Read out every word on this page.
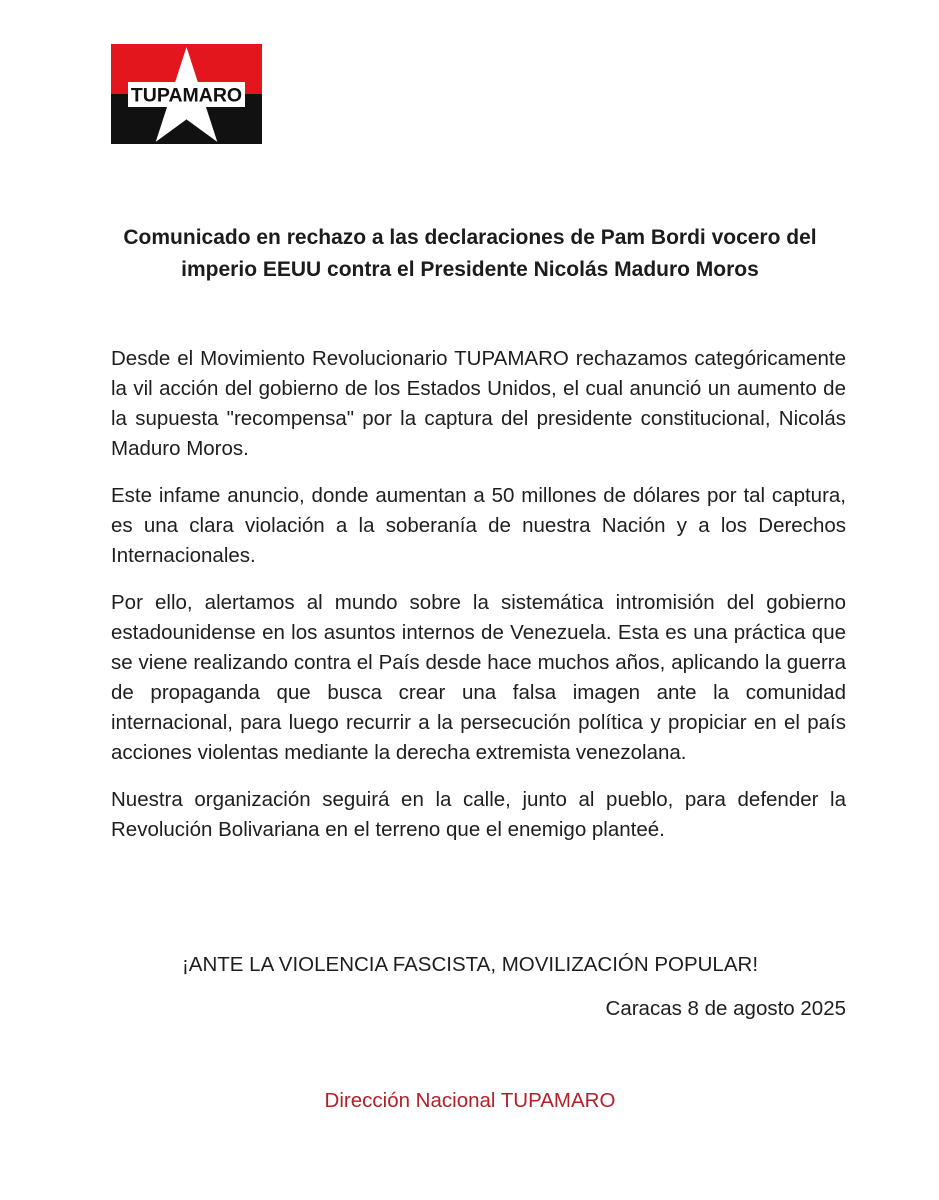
TUPAMARO
Comunicado en rechazo a las declaraciones de Pam Bordi vocero del
imperio EEUU contra el Presidente Nicolás Maduro Moros

Desde el Movimiento Revolucionario TUPAMARO rechazamos categóricamente la vil acción del gobierno de los Estados Unidos, el cual anunció un aumento de la supuesta "recompensa" por la captura del presidente constitucional, Nicolás Maduro Moros.

Este infame anuncio, donde aumentan a 50 millones de dólares por tal captura, es una clara violación a la soberanía de nuestra Nación y a los Derechos Internacionales.

Por ello, alertamos al mundo sobre la sistemática intromisión del gobierno estadounidense en los asuntos internos de Venezuela. Esta es una práctica que se viene realizando contra el País desde hace muchos años, aplicando la guerra de propaganda que busca crear una falsa imagen ante la comunidad internacional, para luego recurrir a la persecución política y propiciar en el país acciones violentas mediante la derecha extremista venezolana.

Nuestra organización seguirá en la calle, junto al pueblo, para defender la Revolución Bolivariana en el terreno que el enemigo planteé.

¡ANTE LA VIOLENCIA FASCISTA, MOVILIZACIÓN POPULAR!
Caracas 8 de agosto 2025
Dirección Nacional TUPAMARO
